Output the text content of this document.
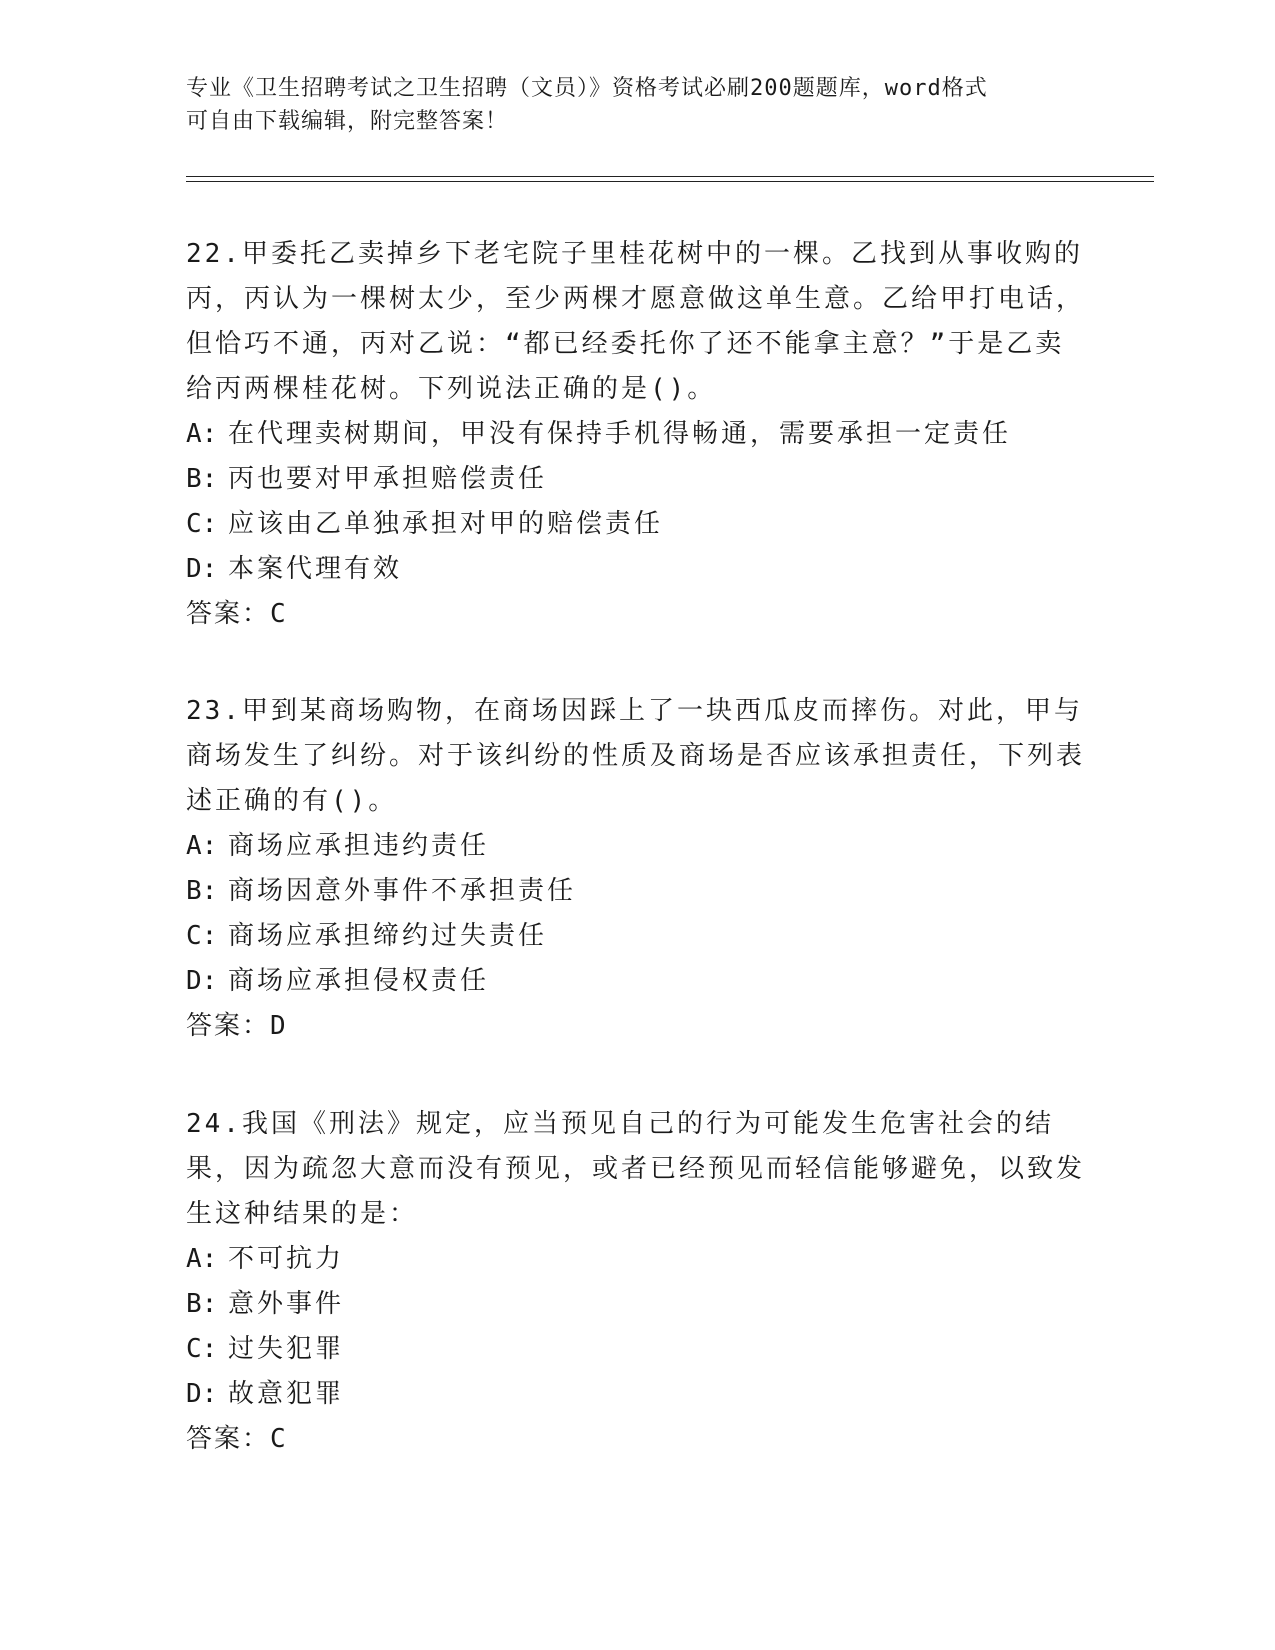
专业《卫生招聘考试之卫生招聘（文员）》资格考试必刷200题题库，word格式
可自由下载编辑，附完整答案！
22.甲委托乙卖掉乡下老宅院子里桂花树中的一棵。乙找到从事收购的丙，丙认为一棵树太少，至少两棵才愿意做这单生意。乙给甲打电话，但恰巧不通，丙对乙说：“都已经委托你了还不能拿主意？”于是乙卖给丙两棵桂花树。下列说法正确的是()。
A: 在代理卖树期间，甲没有保持手机得畅通，需要承担一定责任
B: 丙也要对甲承担赔偿责任
C: 应该由乙单独承担对甲的赔偿责任
D: 本案代理有效
答案：C
23.甲到某商场购物，在商场因踩上了一块西瓜皮而摔伤。对此，甲与商场发生了纠纷。对于该纠纷的性质及商场是否应该承担责任，下列表述正确的有()。
A: 商场应承担违约责任
B: 商场因意外事件不承担责任
C: 商场应承担缔约过失责任
D: 商场应承担侵权责任
答案：D
24.我国《刑法》规定，应当预见自己的行为可能发生危害社会的结果，因为疏忽大意而没有预见，或者已经预见而轻信能够避免，以致发生这种结果的是：
A: 不可抗力
B: 意外事件
C: 过失犯罪
D: 故意犯罪
答案：C
